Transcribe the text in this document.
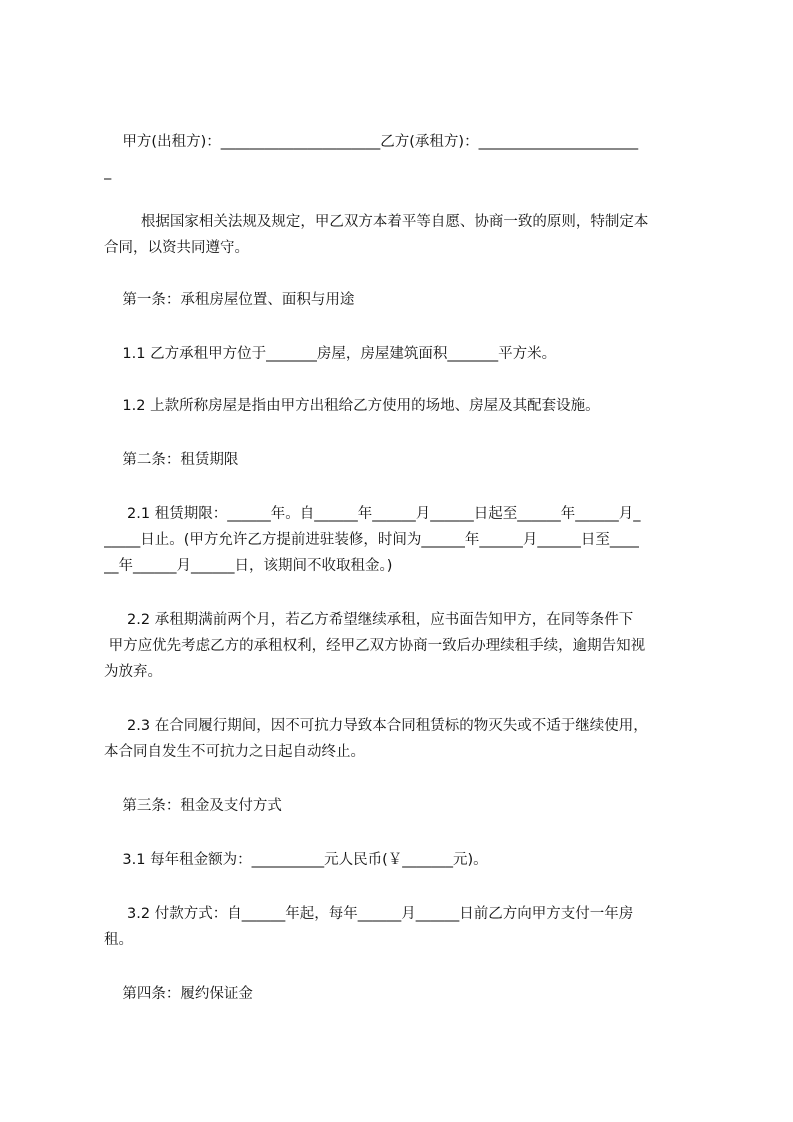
甲方(出租方)：______________________乙方(承租方)：______________________
_
根据国家相关法规及规定，甲乙双方本着平等自愿、协商一致的原则，特制定本
合同，以资共同遵守。
第一条：承租房屋位置、面积与用途
1.1 乙方承租甲方位于_______房屋，房屋建筑面积_______平方米。
1.2 上款所称房屋是指由甲方出租给乙方使用的场地、房屋及其配套设施。
第二条：租赁期限
2.1 租赁期限：______年。自______年______月______日起至______年______月_
_____日止。(甲方允许乙方提前进驻装修，时间为______年______月______日至____
__年______月______日，该期间不收取租金。)
2.2 承租期满前两个月，若乙方希望继续承租，应书面告知甲方，在同等条件下
甲方应优先考虑乙方的承租权利，经甲乙双方协商一致后办理续租手续，逾期告知视
为放弃。
2.3 在合同履行期间，因不可抗力导致本合同租赁标的物灭失或不适于继续使用，
本合同自发生不可抗力之日起自动终止。
第三条：租金及支付方式
3.1 每年租金额为：__________元人民币(￥_______元)。
3.2 付款方式：自______年起，每年______月______日前乙方向甲方支付一年房
租。
第四条：履约保证金
